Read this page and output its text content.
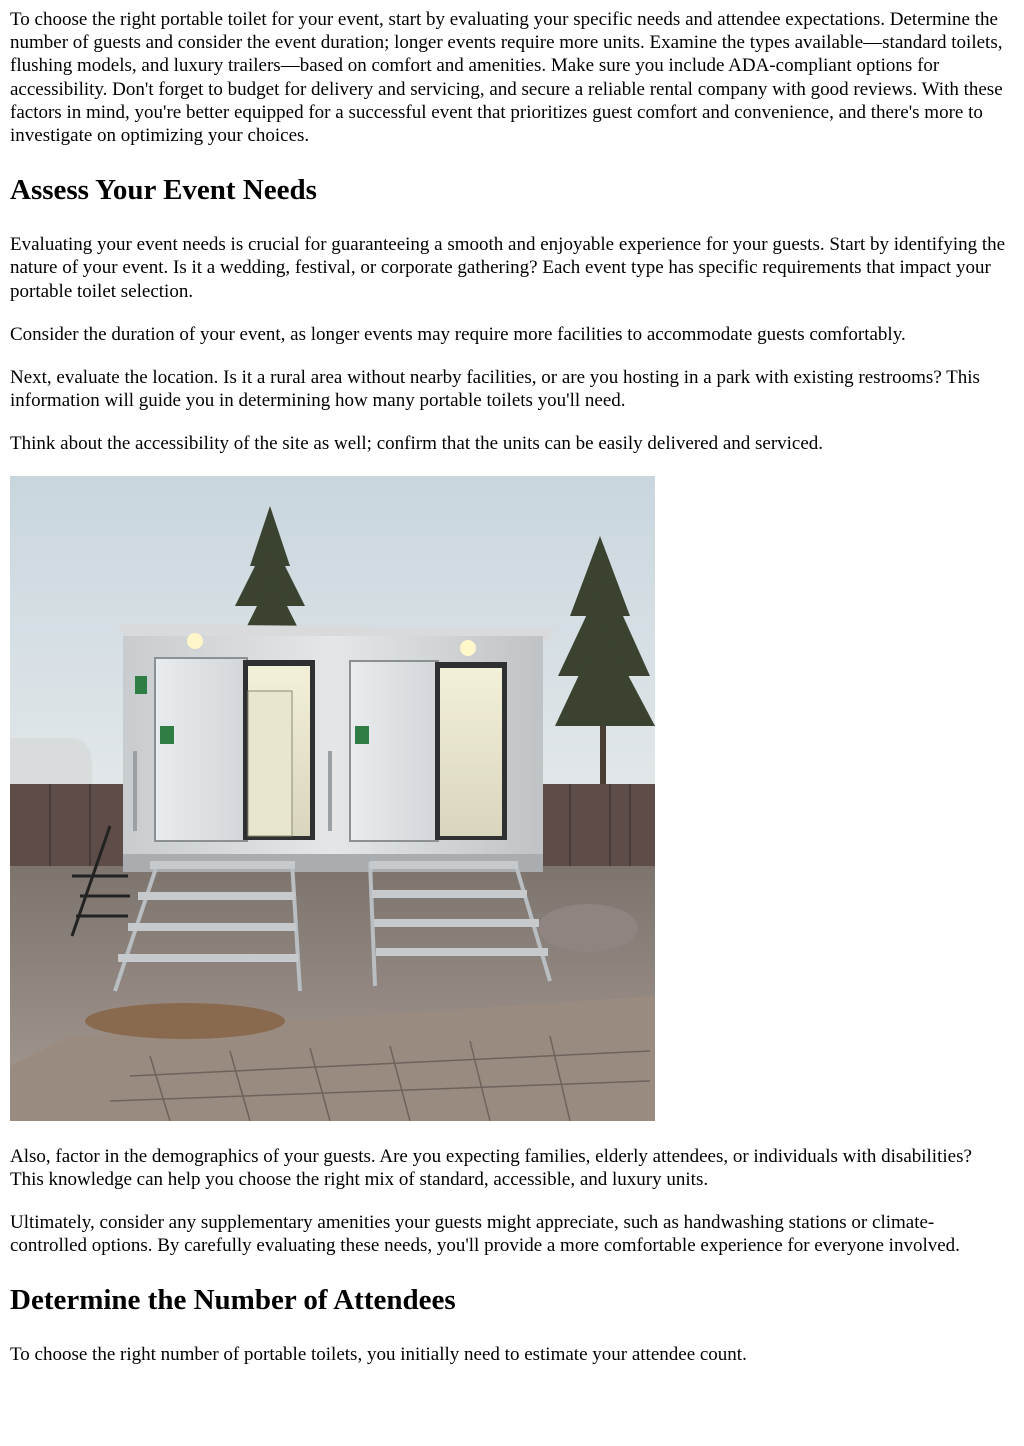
To choose the right portable toilet for your event, start by evaluating your specific needs and attendee expectations. Determine the number of guests and consider the event duration; longer events require more units. Examine the types available—standard toilets, flushing models, and luxury trailers—based on comfort and amenities. Make sure you include ADA-compliant options for accessibility. Don't forget to budget for delivery and servicing, and secure a reliable rental company with good reviews. With these factors in mind, you're better equipped for a successful event that prioritizes guest comfort and convenience, and there's more to investigate on optimizing your choices.

Assess Your Event Needs

Evaluating your event needs is crucial for guaranteeing a smooth and enjoyable experience for your guests. Start by identifying the nature of your event. Is it a wedding, festival, or corporate gathering? Each event type has specific requirements that impact your portable toilet selection.

Consider the duration of your event, as longer events may require more facilities to accommodate guests comfortably.

Next, evaluate the location. Is it a rural area without nearby facilities, or are you hosting in a park with existing restrooms? This information will guide you in determining how many portable toilets you'll need.

Think about the accessibility of the site as well; confirm that the units can be easily delivered and serviced.

Also, factor in the demographics of your guests. Are you expecting families, elderly attendees, or individuals with disabilities? This knowledge can help you choose the right mix of standard, accessible, and luxury units.

Ultimately, consider any supplementary amenities your guests might appreciate, such as handwashing stations or climate-controlled options. By carefully evaluating these needs, you'll provide a more comfortable experience for everyone involved.

Determine the Number of Attendees

To choose the right number of portable toilets, you initially need to estimate your attendee count.
